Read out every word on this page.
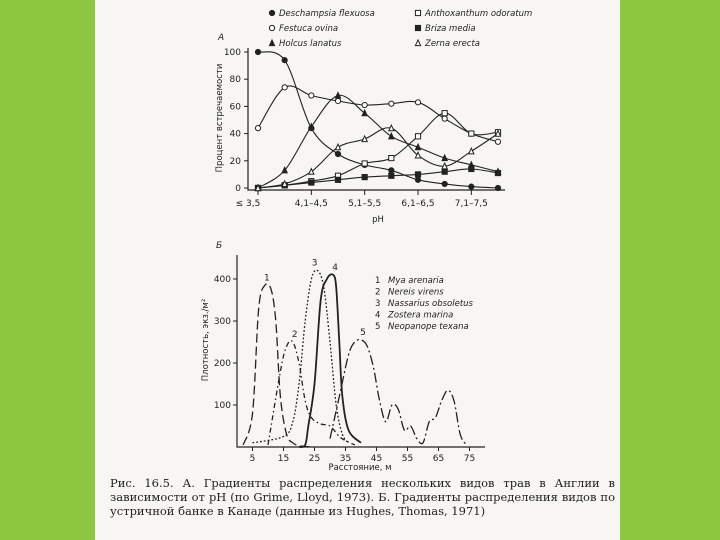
А
Процент встречаемости
pH
0
20
40
60
80
100
≤ 3,5	4,1–4,5 5,1–5,5 6,1–6,5 7,1–7,5
Deschampsia flexuosa
Festuca ovina
Holcus lanatus
Anthoxanthum odoratum
Briza media
Zerna erecta
Б
Плотность, экз./м²
Расстояние, м
100
200
300
400
5 15 25 35 45 55 65 75
1
2
3 4
5
1 Mya arenaria
2 Nereis virens
3 Nassarius obsoletus
4 Zostera marina
5 Neopanope texana
Рис. 16.5. А. Градиенты распределения нескольких видов трав в Англии в зависимости от pH (по Grime, Lloyd, 1973). Б. Градиенты распределения видов по устричной банке в Канаде (данные из Hughes, Thomas, 1971)
